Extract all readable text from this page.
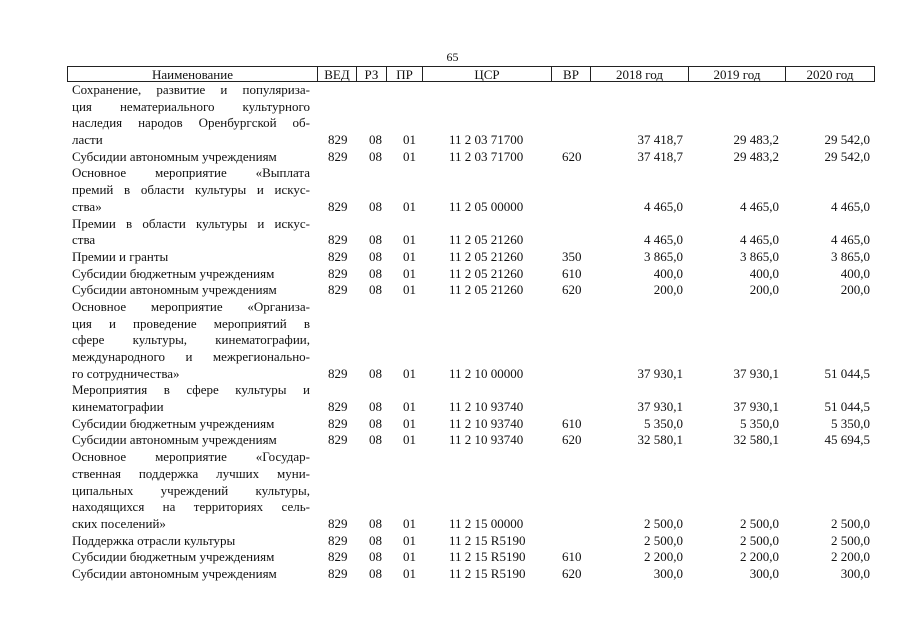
65
Наименование	ВЕД	РЗ	ПР	ЦСР	ВР	2018 год	2019 год	2020 год
Сохранение, развитие и популяриза-
ция нематериального культурного
наследия народов Оренбургской об-
ласти	829 08 01	11 2 03 71700	37 418,7	29 483,2	29 542,0
Субсидии автономным учреждениям	829 08 01	11 2 03 71700	620	37 418,7	29 483,2	29 542,0
Основное мероприятие «Выплата
премий в области культуры и искус-
ства»	829 08 01	11 2 05 00000	4 465,0	4 465,0	4 465,0
Премии в области культуры и искус-
ства	829 08 01	11 2 05 21260	4 465,0	4 465,0	4 465,0
Премии и гранты	829 08 01	11 2 05 21260	350	3 865,0	3 865,0	3 865,0
Субсидии бюджетным учреждениям	829 08 01	11 2 05 21260	610	400,0	400,0	400,0
Субсидии автономным учреждениям	829 08 01	11 2 05 21260	620	200,0	200,0	200,0
Основное мероприятие «Организа-
ция и проведение мероприятий в
сфере культуры, кинематографии,
международного и межрегионально-
го сотрудничества»	829 08 01	11 2 10 00000	37 930,1	37 930,1	51 044,5
Мероприятия в сфере культуры и
кинематографии	829 08 01	11 2 10 93740	37 930,1	37 930,1	51 044,5
Субсидии бюджетным учреждениям	829 08 01	11 2 10 93740	610	5 350,0	5 350,0	5 350,0
Субсидии автономным учреждениям	829 08 01	11 2 10 93740	620	32 580,1	32 580,1	45 694,5
Основное мероприятие «Государ-
ственная поддержка лучших муни-
ципальных учреждений культуры,
находящихся на территориях сель-
ских поселений»	829 08 01	11 2 15 00000	2 500,0	2 500,0	2 500,0
Поддержка отрасли культуры	829 08 01	11 2 15 R5190	2 500,0	2 500,0	2 500,0
Субсидии бюджетным учреждениям	829 08 01	11 2 15 R5190	610	2 200,0	2 200,0	2 200,0
Субсидии автономным учреждениям	829 08 01	11 2 15 R5190	620	300,0	300,0	300,0
